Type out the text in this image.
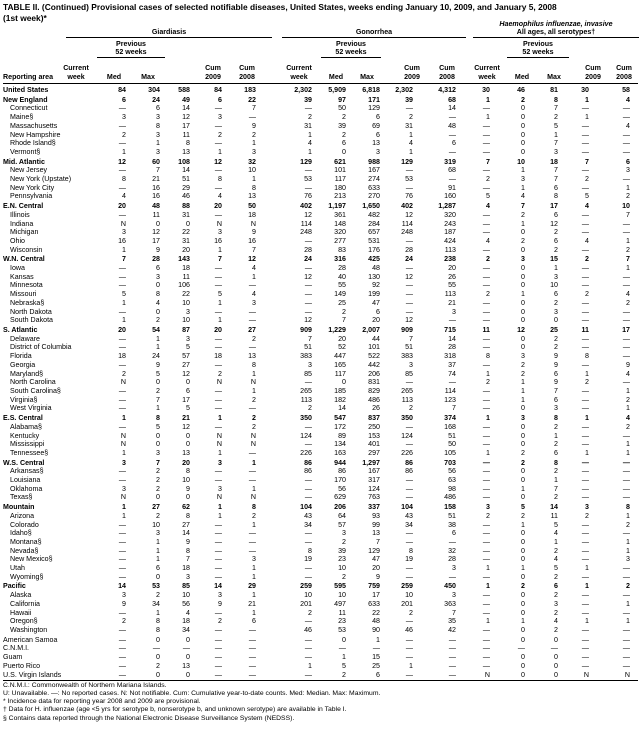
TABLE II. (Continued) Provisional cases of selected notifiable diseases, United States, weeks ending January 10, 2009, and January 5, 2008
(1st week)*
Giardiasis	Gonorrhea
Haemophilus influenzae, invasive
All ages, all serotypes†
Previous
52 weeks
Previous
52 weeks
Previous
52 weeks
Current	Cum	Cum	Current	Cum	Cum	Current	Cum	Cum
Reporting area	week	Med	Max	2009	2008	week	Med	Max	2009	2008	week	Med	Max	2009	2008
United States	84	304	588	84	183	2,302 5,909 6,818 2,302	4,312	30	46	81	30	58
New England	6	24	49	6	22	39	97	171	39	68	1	2	8	1	4
Connecticut	—	6	14	—	7	—	50	129	—	14	—	0	7	—	—
Maine§	3	3	12	3	—	2	2	6	2	—	1	0	2	1	—
Massachusetts	—	8	17	—	9	31	39	69	31	48	—	0	5	—	4
New Hampshire	2	3	11	2	2	1	2	6	1	—	—	0	1	—	—
Rhode Island§	—	1	8	—	1	4	6	13	4	6	—	0	7	—	—
Vermont§	1	3	13	1	3	1	0	3	1	—	—	0	3	—	—
Mid. Atlantic	12	60	108	12	32	129	621	988	129	319	7	10	18	7	6
New Jersey	—	7	14	—	10	—	101	167	—	68	—	1	7	—	3
New York (Upstate)	8	21	51	8	1	53	117	274	53	—	2	3	7	2	—
New York City	—	16	29	—	8	—	180	633	—	91	—	1	6	—	1
Pennsylvania	4	16	46	4	13	76	213	270	76	160	5	4	8	5	2
E.N. Central	20	48	88	20	50	402 1,197 1,650	402	1,287	4	7	17	4	10
Illinois	—	11	31	—	18	12	361	482	12	320	—	2	6	—	7
Indiana	N	0	0	N	N	114	148	284	114	243	—	1	12	—	—
Michigan	3	12	22	3	9	248	320	657	248	187	—	0	2	—	—
Ohio	16	17	31	16	16	—	277	531	—	424	4	2	6	4	1
Wisconsin	1	9	20	1	7	28	83	176	28	113	—	0	2	—	2
W.N. Central	7	28	143	7	12	24	316	425	24	238	2	3	15	2	7
Iowa	—	6	18	—	4	—	28	48	—	20	—	0	1	—	1
Kansas	—	3	11	—	1	12	40	130	12	26	—	0	3	—	—
Minnesota	—	0	106	—	—	—	55	92	—	55	—	0	10	—	—
Missouri	5	8	22	5	4	—	149	199	—	113	2	1	6	2	4
Nebraska§	1	4	10	1	3	—	25	47	—	21	—	0	2	—	2
North Dakota	—	0	3	—	—	—	2	6	—	3	—	0	3	—	—
South Dakota	1	2	10	1	—	12	7	20	12	—	—	0	0	—	—
S. Atlantic	20	54	87	20	27	909 1,229 2,007	909	715	11	12	25	11	17
Delaware	—	1	3	—	2	7	20	44	7	14	—	0	2	—	—
District of Columbia	—	1	5	—	—	51	52	101	51	28	—	0	2	—	—
Florida	18	24	57	18	13	383	447	522	383	318	8	3	9	8	—
Georgia	—	9	27	—	8	3	165	442	3	37	—	2	9	—	9
Maryland§	2	5	12	2	1	85	117	206	85	74	1	2	6	1	4
North Carolina	N	0	0	N	N	—	0	831	—	—	2	1	9	2	—
South Carolina§	—	2	6	—	1	265	185	829	265	114	—	1	7	—	1
Virginia§	—	7	17	—	2	113	182	486	113	123	—	1	6	—	2
West Virginia	—	1	5	—	—	2	14	26	2	7	—	0	3	—	1
E.S. Central	1	8	21	1	2	350	547	837	350	374	1	3	8	1	4
Alabama§	—	5	12	—	2	—	172	250	—	168	—	0	2	—	2
Kentucky	N	0	0	N	N	124	89	153	124	51	—	0	1	—	—
Mississippi	N	0	0	N	N	—	134	401	—	50	—	0	2	—	1
Tennessee§	1	3	13	1	—	226	163	297	226	105	1	2	6	1	1
W.S. Central	3	7	20	3	1	86	944 1,297	86	703	—	2	8	—	—
Arkansas§	—	2	8	—	—	86	86	167	86	56	—	0	2	—	—
Louisiana	—	2	10	—	—	—	170	317	—	63	—	0	1	—	—
Oklahoma	3	2	9	3	1	—	56	124	—	98	—	1	7	—	—
Texas§	N	0	0	N	N	—	629	763	—	486	—	0	2	—	—
Mountain	1	27	62	1	8	104	206	337	104	158	3	5	14	3	8
Arizona	1	2	8	1	2	43	64	93	43	51	2	2	11	2	1
Colorado	—	10	27	—	1	34	57	99	34	38	—	1	5	—	2
Idaho§	—	3	14	—	—	—	3	13	—	6	—	0	4	—	—
Montana§	—	1	9	—	—	—	2	7	—	—	—	0	1	—	1
Nevada§	—	1	8	—	—	8	39	129	8	32	—	0	2	—	1
New Mexico§	—	1	7	—	3	19	23	47	19	28	—	0	4	—	3
Utah	—	6	18	—	1	—	10	20	—	3	1	1	5	1	—
Wyoming§	—	0	3	—	1	—	2	9	—	—	—	0	2	—	—
Pacific	14	53	85	14	29	259	595	759	259	450	1	2	6	1	2
Alaska	3	2	10	3	1	10	10	17	10	3	—	0	2	—	—
California	9	34	56	9	21	201	497	633	201	363	—	0	3	—	1
Hawaii	—	1	4	—	1	2	11	22	2	7	—	0	2	—	—
Oregon§	2	8	18	2	6	—	23	48	—	35	1	1	4	1	1
Washington	—	8	34	—	—	46	53	90	46	42	—	0	2	—	—
American Samoa	—	0	0	—	—	—	0	1	—	—	—	0	0	—	—
C.N.M.I.	—	—	—	—	—	—	—	—	—	—	—	—	—	—	—
Guam	—	0	0	—	—	—	1	15	—	—	—	0	0	—	—
Puerto Rico	—	2	13	—	—	1	5	25	1	—	—	0	0	—	—
U.S. Virgin Islands	—	0	0	—	—	—	2	6	—	—	N	0	0	N	N
C.N.M.I.: Commonwealth of Northern Mariana Islands.
U: Unavailable. —: No reported cases. N: Not notifiable. Cum: Cumulative year-to-date counts. Med: Median. Max: Maximum.
* Incidence data for reporting year 2008 and 2009 are provisional.
† Data for H. influenzae (age <5 yrs for serotype b, nonserotype b, and unknown serotype) are available in Table I.
§ Contains data reported through the National Electronic Disease Surveillance System (NEDSS).
